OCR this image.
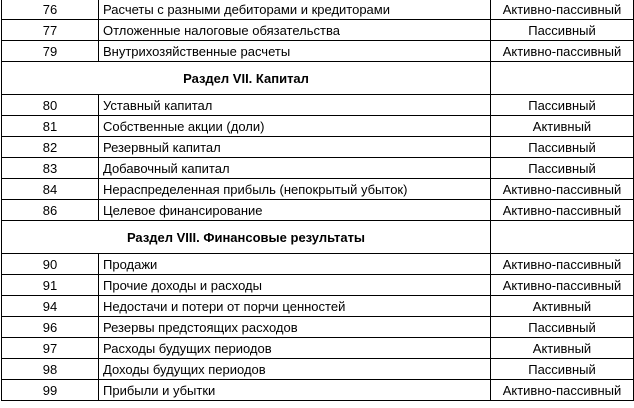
76	Расчеты с разными дебиторами и кредиторами	Активно-пассивный
77	Отложенные налоговые обязательства	Пассивный
79	Внутрихозяйственные расчеты	Активно-пассивный
Раздел VII. Капитал		
80	Уставный капитал	Пассивный
81	Собственные акции (доли)	Активный
82	Резервный капитал	Пассивный
83	Добавочный капитал	Пассивный
84	Нераспределенная прибыль (непокрытый убыток)	Активно-пассивный
86	Целевое финансирование	Активно-пассивный
Раздел VIII. Финансовые результаты		
90	Продажи	Активно-пассивный
91	Прочие доходы и расходы	Активно-пассивный
94	Недостачи и потери от порчи ценностей	Активный
96	Резервы предстоящих расходов	Пассивный
97	Расходы будущих периодов	Активный
98	Доходы будущих периодов	Пассивный
99	Прибыли и убытки	Активно-пассивный
